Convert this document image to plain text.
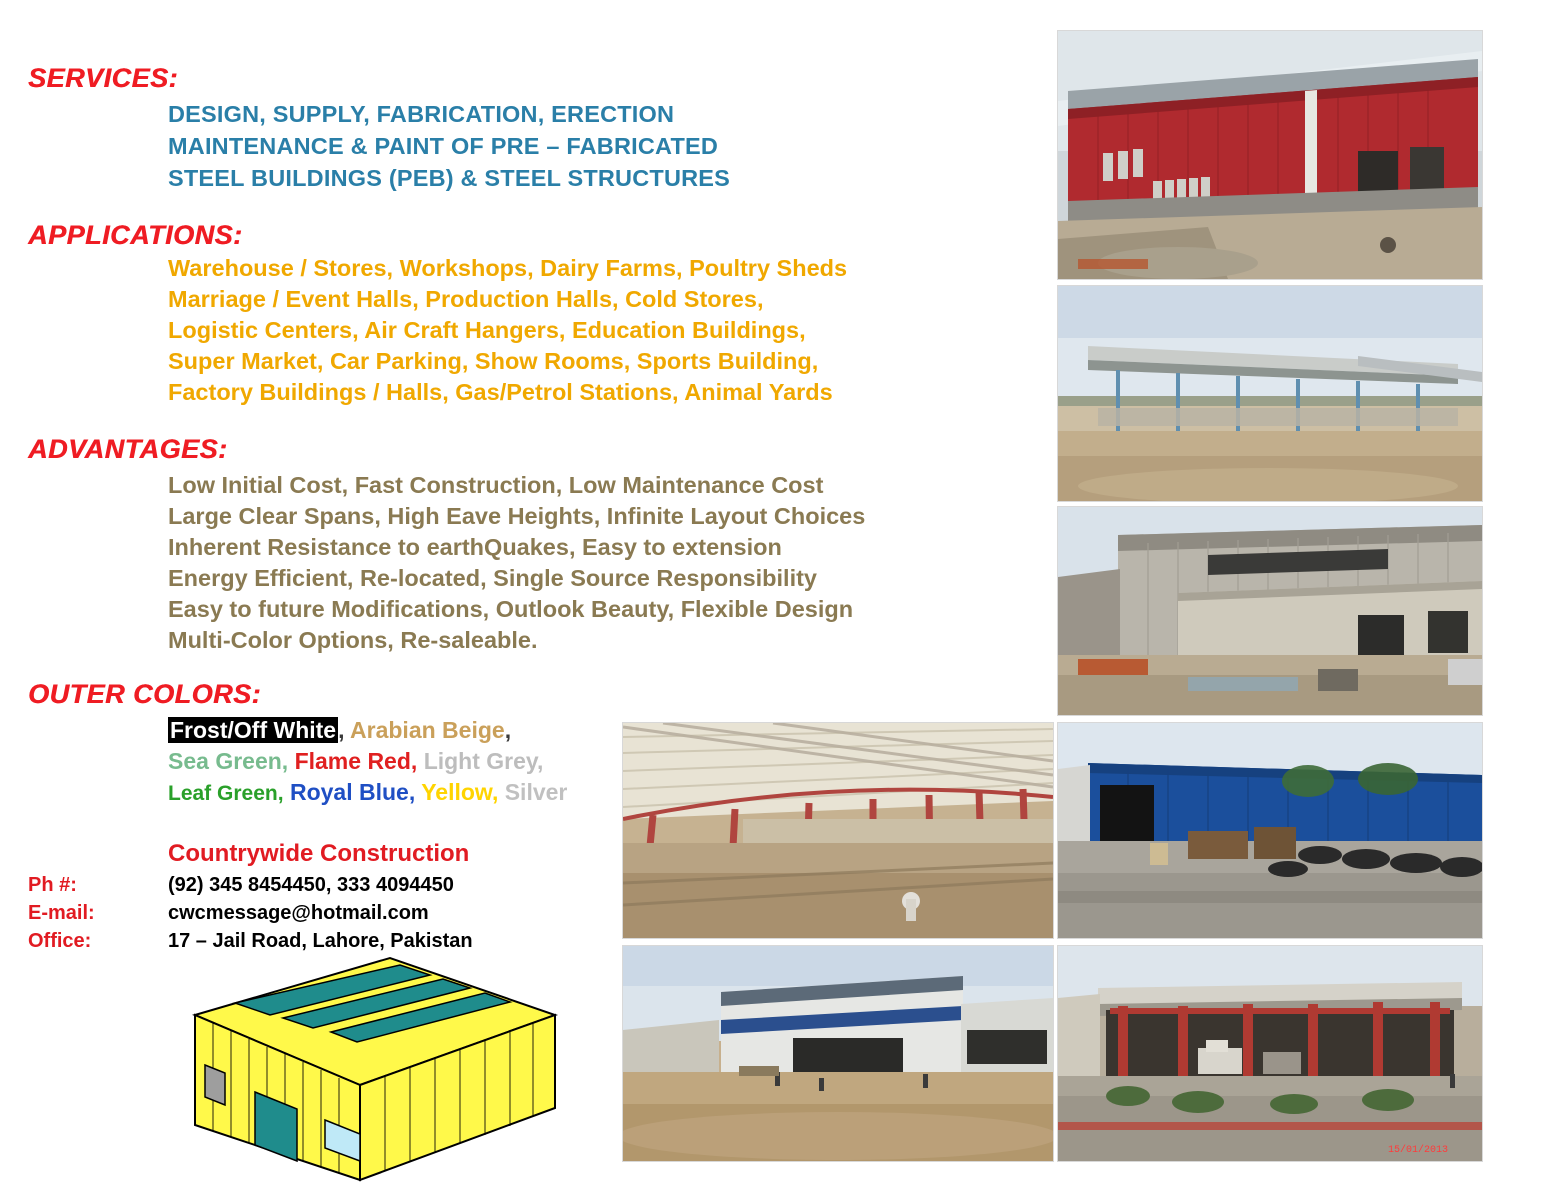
SERVICES:
DESIGN, SUPPLY, FABRICATION, ERECTION
MAINTENANCE & PAINT OF PRE – FABRICATED
STEEL BUILDINGS (PEB) & STEEL STRUCTURES
APPLICATIONS:
Warehouse / Stores, Workshops, Dairy Farms, Poultry Sheds
Marriage / Event Halls, Production Halls, Cold Stores,
Logistic Centers, Air Craft Hangers, Education Buildings,
Super Market, Car Parking, Show Rooms, Sports Building,
Factory Buildings / Halls, Gas/Petrol Stations, Animal Yards
ADVANTAGES:
Low Initial Cost, Fast Construction, Low Maintenance Cost
Large Clear Spans, High Eave Heights, Infinite Layout Choices
Inherent Resistance to earthQuakes, Easy to extension
Energy Efficient, Re-located, Single Source Responsibility
Easy to future Modifications, Outlook Beauty, Flexible Design
Multi-Color Options, Re-saleable.
OUTER COLORS:
Frost/Off White, Arabian Beige,
Sea Green, Flame Red, Light Grey,
Leaf Green, Royal Blue, Yellow, Silver
Countrywide Construction
Ph #:
E-mail:
Office:
(92) 345 8454450, 333 4094450
cwcmessage@hotmail.com
17 – Jail Road, Lahore, Pakistan
15/01/2013
